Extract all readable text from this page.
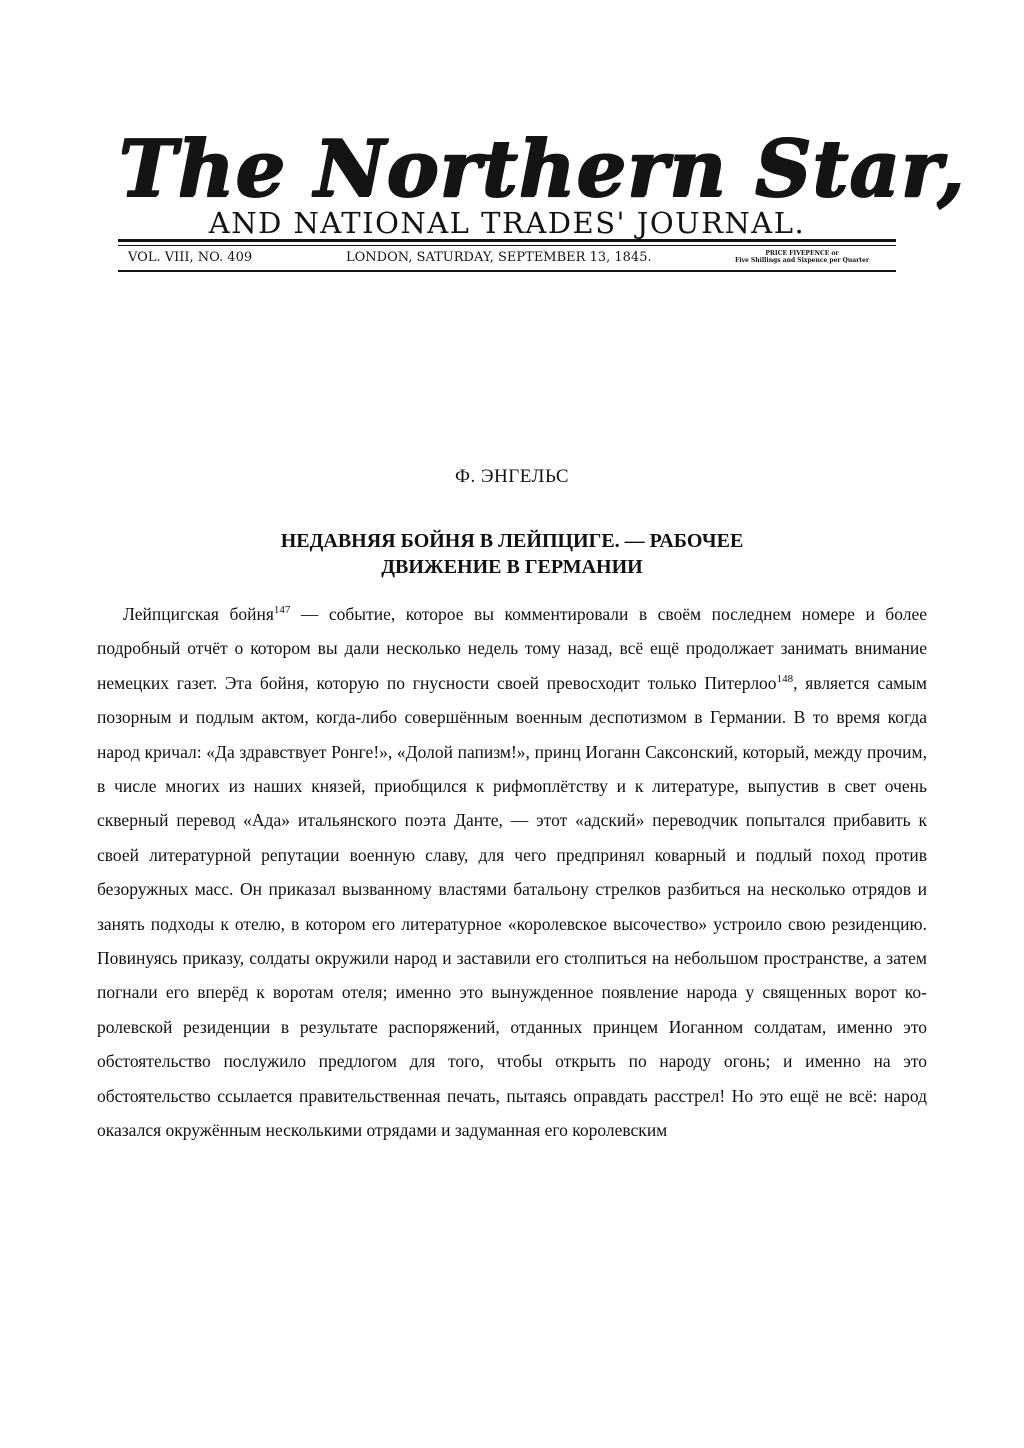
The Northern Star,
AND NATIONAL TRADES' JOURNAL.
VOL. VIII, NO. 409	LONDON, SATURDAY, SEPTEMBER 13, 1845.	PRICE FIVEPENCE or
Five Shillings and Sixpence per Quarter
Ф. ЭНГЕЛЬС
НЕДАВНЯЯ БОЙНЯ В ЛЕЙПЦИГЕ. — РАБОЧЕЕ
ДВИЖЕНИЕ В ГЕРМАНИИ

Лейпцигская бойня$^{147}$ — событие, которое вы комментировали в своём последнем номере и более подробный отчёт о котором вы дали несколько недель тому назад, всё ещё продолжает занимать внимание немецких газет. Эта бойня, которую по гнусности своей превосходит только Питерлоо$^{148}$, является самым позорным и подлым актом, когда-либо совершённым военным деспотизмом в Германии. В то время когда народ кричал: «Да здравствует Ронге!», «Долой папизм!», принц Иоганн Саксонский, который, между прочим, в числе многих из наших князей, приобщился к рифмоплётству и к литературе, выпустив в свет очень скверный перевод «Ада» итальянского поэта Данте, — этот «адский» переводчик попытался прибавить к своей литературной репутации военную славу, для чего предпринял коварный и подлый поход против безоружных масс. Он приказал вызванному властями батальону стрелков разбиться на несколько отрядов и занять подходы к отелю, в котором его литературное «королевское высочество» устроило свою резиденцию. Повинуясь приказу, солдаты окружили народ и заставили его столпиться на небольшом пространстве, а затем погнали его вперёд к воротам отеля; именно это вынужденное появление народа у священных ворот королевской резиденции в результате распоряжений, отданных принцем Иоганном солдатам, именно это обстоятельство послужило предлогом для того, чтобы открыть по народу огонь; и именно на это обстоятельство ссылается правительственная печать, пытаясь оправдать расстрел! Но это ещё не всё: народ оказался окружённым несколькими отрядами и задуманная его королевским
